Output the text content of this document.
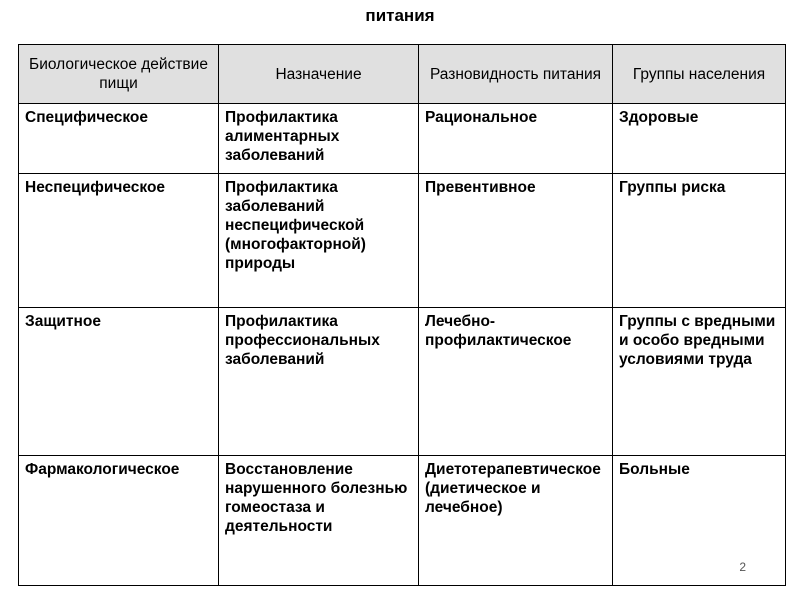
питания
Биологическое действие пищи	Назначение	Разновидность питания	Группы населения
Специфическое	Профилактика алиментарных заболеваний	Рациональное	Здоровые
Неспецифическое	Профилактика заболеваний неспецифической (многофакторной) природы	Превентивное	Группы риска
Защитное	Профилактика профессиональных заболеваний	Лечебно-профилактическое	Группы с вредными и особо вредными условиями труда
Фармакологическое	Восстановление нарушенного болезнью гомеостаза и деятельности	Диетотерапевтическое (диетическое и лечебное)	Больные
2
